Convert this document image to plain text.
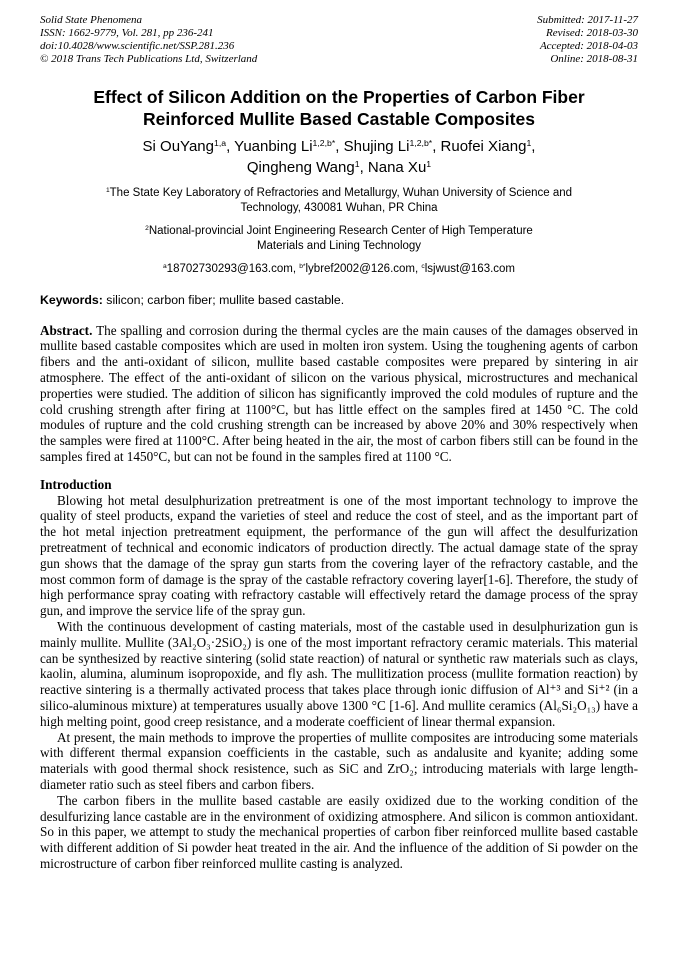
Solid State Phenomena
ISSN: 1662-9779, Vol. 281, pp 236-241
doi:10.4028/www.scientific.net/SSP.281.236
© 2018 Trans Tech Publications Ltd, Switzerland
Submitted: 2017-11-27
Revised: 2018-03-30
Accepted: 2018-04-03
Online: 2018-08-31
Effect of Silicon Addition on the Properties of Carbon Fiber
Reinforced Mullite Based Castable Composites
Si OuYang$^{1,a}$, Yuanbing $Li^{1,2,b*}$, Shujing $Li^{1,2,b*}$, Ruofei Xiang$^1$,
Qingheng Wang$^1$, Nana Xu$^1$
$^1$The State Key Laboratory of Refractories and Metallurgy, Wuhan University of Science and Technology, 430081 Wuhan, PR China
$^2$National-provincial Joint Engineering Research Center of High Temperature Materials and Lining Technology
$^a$18702730293@163.com, $^{b*}$lybref2002@126.com, $^c$lsjwust@163.com
Keywords: silicon; carbon fiber; mullite based castable.
Abstract. The spalling and corrosion during the thermal cycles are the main causes of the damages observed in mullite based castable composites which are used in molten iron system. Using the toughening agents of carbon fibers and the anti-oxidant of silicon, mullite based castable composites were prepared by sintering in air atmosphere. The effect of the anti-oxidant of silicon on the various physical, microstructures and mechanical properties were studied. The addition of silicon has significantly improved the cold modules of rupture and the cold crushing strength after firing at 1100°C, but has little effect on the samples fired at 1450 °C. The cold modules of rupture and the cold crushing strength can be increased by above 20% and 30% respectively when the samples were fired at 1100°C. After being heated in the air, the most of carbon fibers still can be found in the samples fired at 1450°C, but can not be found in the samples fired at 1100 °C.
Introduction

Blowing hot metal desulphurization pretreatment is one of the most important technology to improve the quality of steel products, expand the varieties of steel and reduce the cost of steel, and as the important part of the hot metal injection pretreatment equipment, the performance of the gun will affect the desulfurization pretreatment of technical and economic indicators of production directly. The actual damage state of the spray gun shows that the damage of the spray gun starts from the covering layer of the refractory castable, and the most common form of damage is the spray of the castable refractory covering layer[1-6]. Therefore, the study of high performance spray coating with refractory castable will effectively retard the damage process of the spray gun, and improve the service life of the spray gun.

With the continuous development of casting materials, most of the castable used in desulphurization gun is mainly mullite. Mullite (3Al₂O₃·2SiO₂) is one of the most important refractory ceramic materials. This material can be synthesized by reactive sintering (solid state reaction) of natural or synthetic raw materials such as clays, kaolin, alumina, aluminum isopropoxide, and fly ash. The mullitization process (mullite formation reaction) by reactive sintering is a thermally activated process that takes place through ionic diffusion of Al⁺³ and Si⁺² (in a silico-aluminous mixture) at temperatures usually above 1300 °C [1-6]. And mullite ceramics (Al₆Si₂O₁₃) have a high melting point, good creep resistance, and a moderate coefficient of linear thermal expansion.

At present, the main methods to improve the properties of mullite composites are introducing some materials with different thermal expansion coefficients in the castable, such as andalusite and kyanite; adding some materials with good thermal shock resistence, such as SiC and ZrO₂; introducing materials with large length-diameter ratio such as steel fibers and carbon fibers.

The carbon fibers in the mullite based castable are easily oxidized due to the working condition of the desulfurizing lance castable are in the environment of oxidizing atmosphere. And silicon is common antioxidant. So in this paper, we attempt to study the mechanical properties of carbon fiber reinforced mullite based castable with different addition of Si powder heat treated in the air. And the influence of the addition of Si powder on the microstructure of carbon fiber reinforced mullite casting is analyzed.
